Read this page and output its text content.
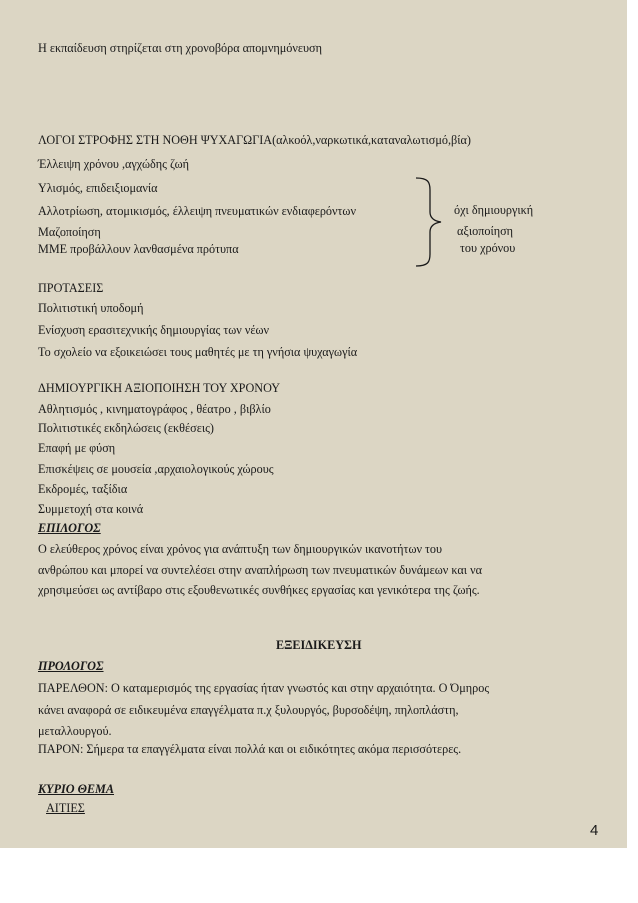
Η εκπαίδευση στηρίζεται στη χρονοβόρα απομνημόνευση
ΛΟΓΟΙ ΣΤΡΟΦΗΣ ΣΤΗ ΝΟΘΗ ΨΥΧΑΓΩΓΙΑ(αλκοόλ,ναρκωτικά,καταναλωτισμό,βία)
Έλλειψη χρόνου ,αγχώδης ζωή
Υλισμός, επιδειξιομανία
Αλλοτρίωση, ατομικισμός, έλλειψη πνευματικών ενδιαφερόντων
Μαζοποίηση
ΜΜΕ προβάλλουν λανθασμένα πρότυπα
όχι δημιουργική
αξιοποίηση
του χρόνου
ΠΡΟΤΑΣΕΙΣ
Πολιτιστική υποδομή
Ενίσχυση ερασιτεχνικής δημιουργίας των νέων
Το σχολείο να εξοικειώσει τους μαθητές με τη γνήσια ψυχαγωγία
ΔΗΜΙΟΥΡΓΙΚΗ ΑΞΙΟΠΟΙΗΣΗ ΤΟΥ ΧΡΟΝΟΥ
Αθλητισμός , κινηματογράφος , θέατρο , βιβλίο
Πολιτιστικές εκδηλώσεις (εκθέσεις)
Επαφή με φύση
Επισκέψεις σε μουσεία ,αρχαιολογικούς χώρους
Εκδρομές, ταξίδια
Συμμετοχή στα κοινά
ΕΠΙΛΟΓΟΣ
Ο ελεύθερος χρόνος είναι χρόνος για ανάπτυξη των δημιουργικών ικανοτήτων του
ανθρώπου και μπορεί να συντελέσει στην αναπλήρωση των πνευματικών δυνάμεων και να
χρησιμεύσει ως αντίβαρο στις εξουθενωτικές συνθήκες εργασίας και γενικότερα της ζωής.
ΕΞΕΙΔΙΚΕΥΣΗ
ΠΡΟΛΟΓΟΣ
ΠΑΡΕΛΘΟΝ: Ο καταμερισμός της εργασίας ήταν γνωστός και στην αρχαιότητα. Ο Όμηρος
κάνει αναφορά σε ειδικευμένα επαγγέλματα π.χ ξυλουργός, βυρσοδέψη, πηλοπλάστη,
μεταλλουργού.
ΠΑΡΟΝ: Σήμερα τα επαγγέλματα είναι πολλά και οι ειδικότητες ακόμα περισσότερες.
ΚΥΡΙΟ ΘΕΜΑ
ΑΙΤΙΕΣ
4
